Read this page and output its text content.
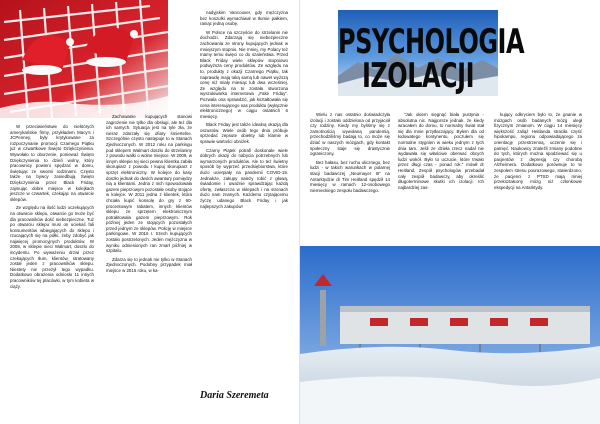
W przeciwieństwie do niektórych amerykańskie firmy, przykładem Macy's i JCPenney, były krytykowane za rozpoczynanie promocji Czarnego Piątku już w czwartkowe Święto Dziękczynienia. Wywołało to oburzenie, ponieważ Święto Dziękczynienia to dzień wolny, który pracownicy powinni spędzać w domu, świętując ze swoimi rodzinami. Często także na bywcy zaniedbują Święto Dziękczynienia przez Black Friday, zajmując dobre miejsce w kolejkach jeszcze w czwartek, czekając na otwarcie sklepów.

Ze względu na ilość ludzi oczekujących na otwarcie sklepu, otwarcie go może być dla pracowników dość niebezpieczne. Tuż po otwarciu sklepu musi on uciekać fali konsumentów wbiegających do sklepu i rzucających się na półki, żeby zdobyć jak najwięcej promocyjnych produktów. W 2008, w sklepie sieci Walmart, doszło do incydentu. Po wyważeniu drzwi przez czekających tłum, klientów, stratowany został jeden z pracowników sklepu. Niestety nie przeżył tego wypadku. Dodatkowo obrażenia odniosło 11 innych pracowników tej placówki, w tym kobieta w ciąży.

Zachowanie kupujących stanowi zagrożenie nie tylko dla obsługi, ale też dla ich samych. Sytuacja jest na tyle zła, że nieraz zdarzały się ofiary śmiertelne. Szczególnie często następuje to w Stanach Zjednoczonych. W 2012 roku na parkingu pod sklepem Walmart doszło do strzelaniny z powodu walki o wolne miejsce. W 2009, w innym sklepie tej sieci pewna klientka zabiła skorupiarz z powodu I kupuj skorupiarz z sprzęt elektroniczny. W kolejce do kasy doszło jednak do dwóch awantury pomiędzy nią a klientami. Jedna z nich spowodowała gazem pieprzowym pozostałe osoby stojące w kolejce. W 2011 jedna z klientek, która chciała kupić konsolę do gry z 60-procentowym rabatem, innych klientów sklepu ze sprzętem elektronicznym potraktowała gazem pieprzowym. Rok później jeden ze stojących pozostałych przed jednym ze sklepów. Policję w miejsce parkingowe. W 2016 r. trzech kupujących zostało postrzelonych. Jeden mężczyzna w wyniku odniesionych ran zmarł później w szpitalu.

Zdarza się to jednak nie tylko w Stanach Zjednoczonych. Podobny przypadek miał miejsce w 2016 roku, w ka-

nadyjskim Vancouver, gdy mężczyzna bez koszulki wymachiwał w tłumie pałkiem, raniąc jedną osobę.

W Polsce na szczęście do strzelanin nie dochodzi. Zdarzają się niebezpieczne zachowania ze strony kupujących jednak w mniejszym stopniu. Nie mniej, my Polacy też mamy temu święci co do szaleństwa. Przed Black Friday wiele sklepów stopniowo podwyższa ceny produktów. Ze względu na to, produkty z okazji Czarnego Piątku, tak naprawdę mają taką samą lub nawet wyższą cenę niż miały miesiąc lub dwa wcześniej. Ze względu na to została stworzona wyszukiwarka internetowa „Fake Friday”. Pozwala ona sprawdzić, jak kształtowała się cena interesującego nas produktu (wyłącznie elektronicznego) w ciągu ostatnich 6 miesięcy.

Black Friday jest także idealną okazją dla oszustów. Wiele osób tego dnia próbuje sprzedać zepsute obiekty lub klamie w sprawie wartości obniżek.

Czarny Piątek potrafi doskonale wiele dobrych okazji do nabycia potrzebnych lub wymarzonych produktów. Ale to też świetny sposób by wyprzeć przedsiębiorstwa, które dużo ucierpiały na pandemii COVID-19. Jednakże, zakupy należy robić z głową, świadomie i uważnie sprawdzając każdą ofertę, zwłaszcza w sklepach i na stronach dużo nam znanych. Każdemu czytającemu życzę udanego Black Friday i jak najlepszych zakupów!

Daria Szeremeta
PSYCHOLOGIA
IZOLACJI

Wielu z nas ostatnio doświadczyła izolacji i zostało oddzielona od przyjaciół czy rodziny. Kiedy my byliśmy się z zamotnością wywołaną pandemią, przechodziliśmy badają to, co może się dziać w naszych mózgach, gdy kontakt społeczny staje się drastycznie ograniczony.

Bez hałasu, bez ruchu ulicznego, bez ludzi - w takich warunkach w polarnej stacji badawczej „Neumayer III” na Antarktydzie dr Tim Heitland spędził 14 miesięcy w ramach 12-osobowego niemieckiego zespołu badawczego.

"Jak okiem sięgnąć biała pustynia - absolutna nic. Najgorsze jednak, że kiedy wracałem do domu, to normalny świat stał się dla mnie przytłaczający. Byłem dla od łodowatego kontynentu, poczułem się normalne stygnien w wieku jednym z tych dnia tam. Jeśli ze dzieła rzecz nadal nie wydawała się właściwe oberwać obcych ludzi wokół. Było to uczucie, które trwało przez długi czas - ponad rok." mówił dr Heitland. Zespół psychologów przebadał cały zespół badawczy, aby określić długoterminowe skutki ich izolacji. Ich najbardziej zas-

kujący odkryciem było to, że gnanie w mózgach osób badanych mózg uległ fizycznym zmianom. W ciągu 14 miesięcy większość zaliąż Heitlanda straciła część hipokampu, regionu odpowiadającego za orientację przestrzenną, uczenie się i pamięć. Naukowcy znaleźli zmiany podobne do tych, których można spodziewać się u pacjentów z depresją czy chorobą Alzheimera. Dodatkowo porównuje to te zespołem stresu pourazowego, stwierdzono, że pacjenci z PTSD mają mniej przekształcony mózg niż członkowie ekspedycji na Antarktydy.
